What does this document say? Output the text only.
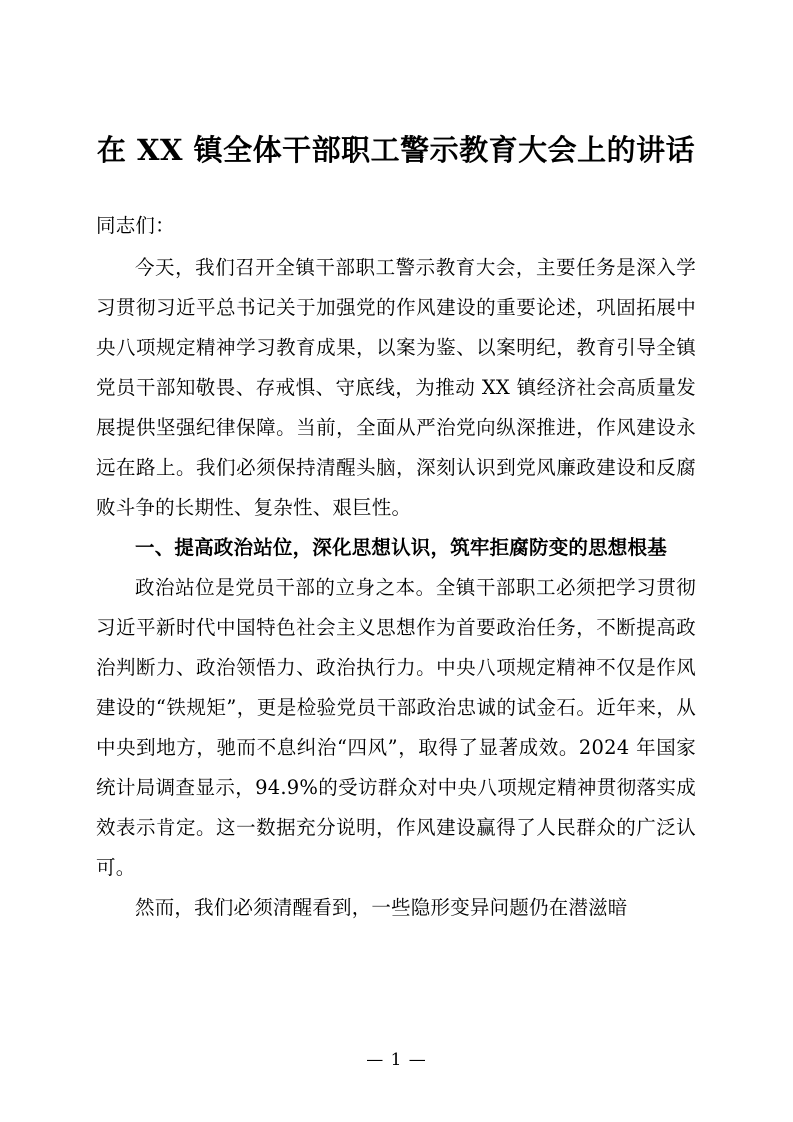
在 XX 镇全体干部职工警示教育大会上的讲话

同志们：

今天，我们召开全镇干部职工警示教育大会，主要任务是深入学习贯彻习近平总书记关于加强党的作风建设的重要论述，巩固拓展中央八项规定精神学习教育成果，以案为鉴、以案明纪，教育引导全镇党员干部知敬畏、存戒惧、守底线，为推动 XX 镇经济社会高质量发展提供坚强纪律保障。当前，全面从严治党向纵深推进，作风建设永远在路上。我们必须保持清醒头脑，深刻认识到党风廉政建设和反腐败斗争的长期性、复杂性、艰巨性。

一、提高政治站位，深化思想认识，筑牢拒腐防变的思想根基

政治站位是党员干部的立身之本。全镇干部职工必须把学习贯彻习近平新时代中国特色社会主义思想作为首要政治任务，不断提高政治判断力、政治领悟力、政治执行力。中央八项规定精神不仅是作风建设的“铁规矩”，更是检验党员干部政治忠诚的试金石。近年来，从中央到地方，驰而不息纠治“四风”，取得了显著成效。2024 年国家统计局调查显示，94.9%的受访群众对中央八项规定精神贯彻落实成效表示肯定。这一数据充分说明，作风建设赢得了人民群众的广泛认可。

然而，我们必须清醒看到，一些隐形变异问题仍在潜滋暗

— 1 —
